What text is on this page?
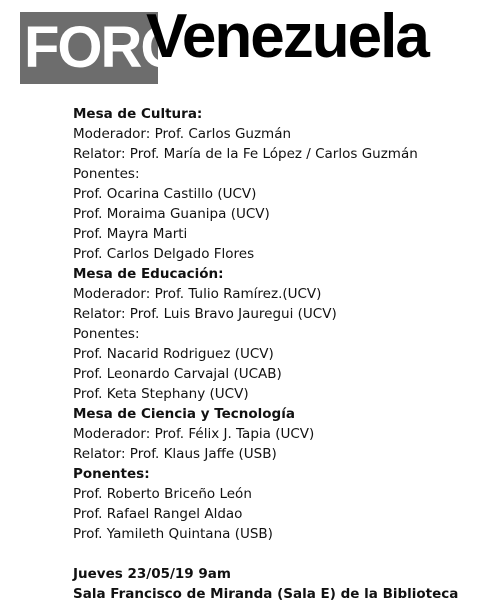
FORO
Venezuela
Mesa de Cultura:
Moderador: Prof. Carlos Guzmán
Relator: Prof. María de la Fe López / Carlos Guzmán
Ponentes:
Prof. Ocarina Castillo (UCV)
Prof. Moraima Guanipa (UCV)
Prof. Mayra Marti
Prof. Carlos Delgado Flores
Mesa de Educación:
Moderador: Prof. Tulio Ramírez.(UCV)
Relator: Prof. Luis Bravo Jauregui (UCV)
Ponentes:
Prof. Nacarid Rodriguez (UCV)
Prof. Leonardo Carvajal (UCAB)
Prof. Keta Stephany (UCV)
Mesa de Ciencia y Tecnología
Moderador: Prof. Félix J. Tapia (UCV)
Relator: Prof. Klaus Jaffe (USB)
Ponentes:
Prof. Roberto Briceño León
Prof. Rafael Rangel Aldao
Prof. Yamileth Quintana (USB)
Jueves 23/05/19 9am
Sala Francisco de Miranda (Sala E) de la Biblioteca
